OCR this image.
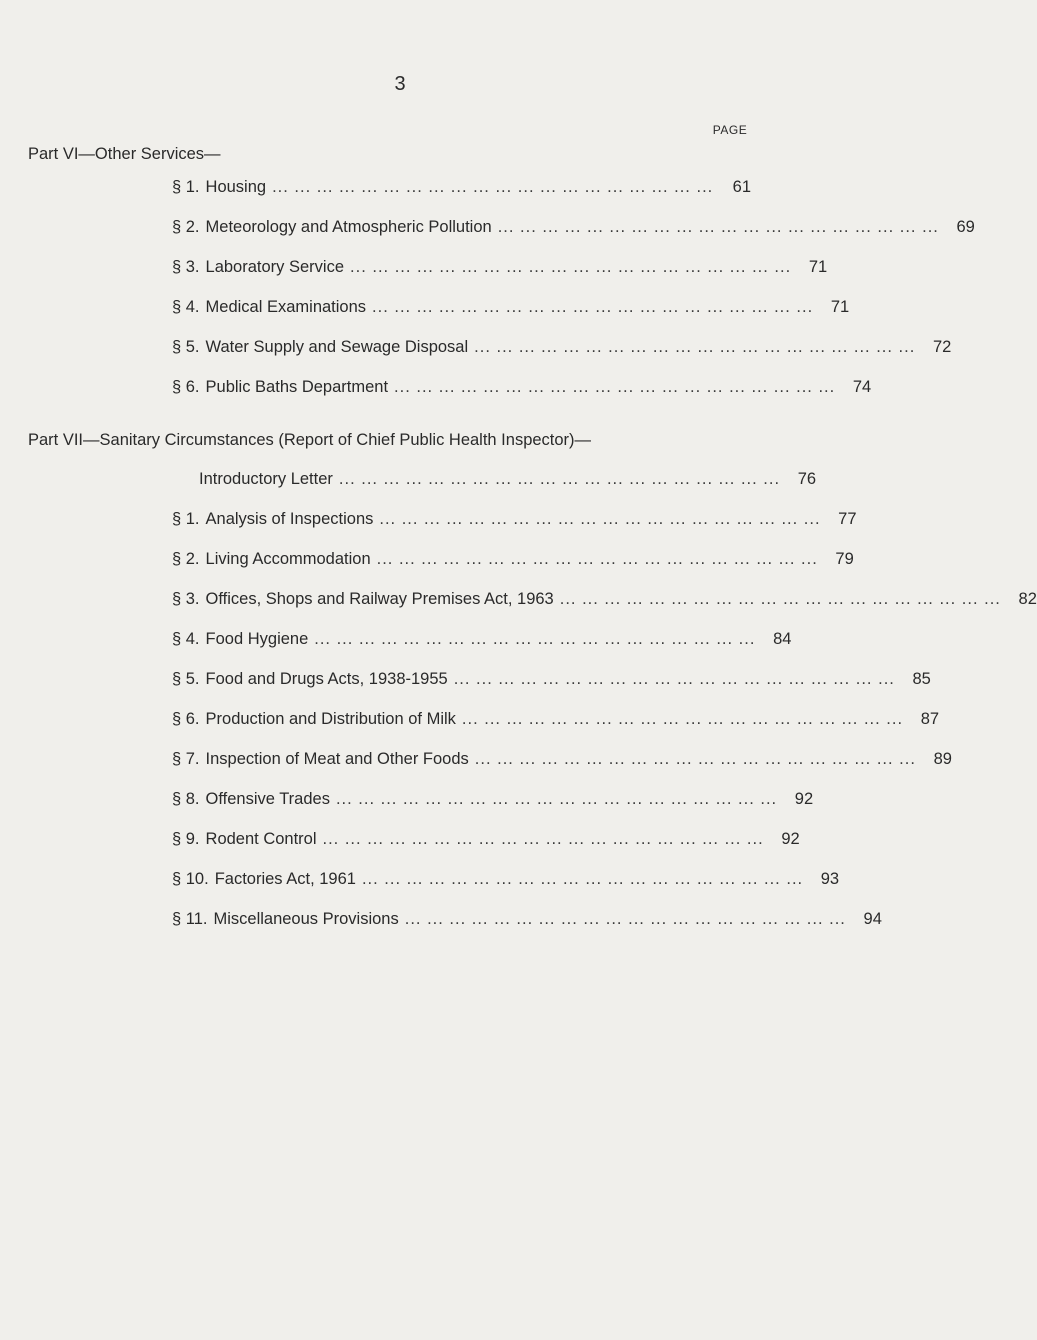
3
PAGE
Part VI—Other Services—
§ 1. Housing ... ... ... ... ... ... ... ... ... ... ... ... ... ... ... ... ... ... ... ...	61
§ 2. Meteorology and Atmospheric Pollution ... ... ... ... ... ... ... ... ... ... ... ... ... ... ... ... ... ... ... ...	69
§ 3. Laboratory Service ... ... ... ... ... ... ... ... ... ... ... ... ... ... ... ... ... ... ... ...	71
§ 4. Medical Examinations ... ... ... ... ... ... ... ... ... ... ... ... ... ... ... ... ... ... ... ...	71
§ 5. Water Supply and Sewage Disposal ... ... ... ... ... ... ... ... ... ... ... ... ... ... ... ... ... ... ... ...	72
§ 6. Public Baths Department ... ... ... ... ... ... ... ... ... ... ... ... ... ... ... ... ... ... ... ...	74
Part VII—Sanitary Circumstances (Report of Chief Public Health Inspector)—
Introductory Letter ... ... ... ... ... ... ... ... ... ... ... ... ... ... ... ... ... ... ... ...	76
§ 1. Analysis of Inspections ... ... ... ... ... ... ... ... ... ... ... ... ... ... ... ... ... ... ... ...	77
§ 2. Living Accommodation ... ... ... ... ... ... ... ... ... ... ... ... ... ... ... ... ... ... ... ...	79
§ 3. Offices, Shops and Railway Premises Act, 1963 ... ... ... ... ... ... ... ... ... ... ... ... ... ... ... ... ... ... ... ...	82
§ 4. Food Hygiene ... ... ... ... ... ... ... ... ... ... ... ... ... ... ... ... ... ... ... ...	84
§ 5. Food and Drugs Acts, 1938-1955 ... ... ... ... ... ... ... ... ... ... ... ... ... ... ... ... ... ... ... ...	85
§ 6. Production and Distribution of Milk ... ... ... ... ... ... ... ... ... ... ... ... ... ... ... ... ... ... ... ...	87
§ 7. Inspection of Meat and Other Foods ... ... ... ... ... ... ... ... ... ... ... ... ... ... ... ... ... ... ... ...	89
§ 8. Offensive Trades ... ... ... ... ... ... ... ... ... ... ... ... ... ... ... ... ... ... ... ...	92
§ 9. Rodent Control ... ... ... ... ... ... ... ... ... ... ... ... ... ... ... ... ... ... ... ...	92
§ 10. Factories Act, 1961 ... ... ... ... ... ... ... ... ... ... ... ... ... ... ... ... ... ... ... ...	93
§ 11. Miscellaneous Provisions ... ... ... ... ... ... ... ... ... ... ... ... ... ... ... ... ... ... ... ...	94
